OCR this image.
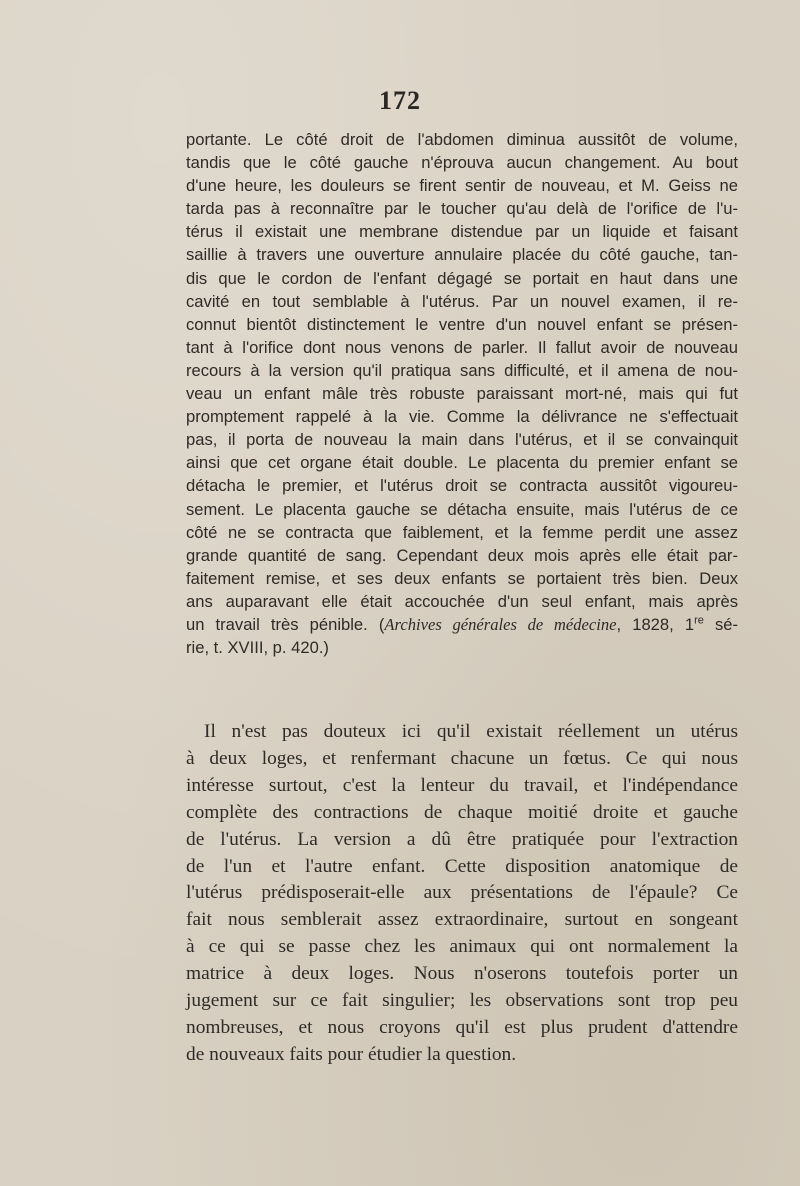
172
portante. Le côté droit de l'abdomen diminua aussitôt de volume,
tandis que le côté gauche n'éprouva aucun changement. Au bout
d'une heure, les douleurs se firent sentir de nouveau, et M. Geiss ne
tarda pas à reconnaître par le toucher qu'au delà de l'orifice de l'u-
térus il existait une membrane distendue par un liquide et faisant
saillie à travers une ouverture annulaire placée du côté gauche, tan-
dis que le cordon de l'enfant dégagé se portait en haut dans une
cavité en tout semblable à l'utérus. Par un nouvel examen, il re-
connut bientôt distinctement le ventre d'un nouvel enfant se présen-
tant à l'orifice dont nous venons de parler. Il fallut avoir de nouveau
recours à la version qu'il pratiqua sans difficulté, et il amena de nou-
veau un enfant mâle très robuste paraissant mort-né, mais qui fut
promptement rappelé à la vie. Comme la délivrance ne s'effectuait
pas, il porta de nouveau la main dans l'utérus, et il se convainquit
ainsi que cet organe était double. Le placenta du premier enfant se
détacha le premier, et l'utérus droit se contracta aussitôt vigoureu-
sement. Le placenta gauche se détacha ensuite, mais l'utérus de ce
côté ne se contracta que faiblement, et la femme perdit une assez
grande quantité de sang. Cependant deux mois après elle était par-
faitement remise, et ses deux enfants se portaient très bien. Deux
ans auparavant elle était accouchée d'un seul enfant, mais après
un travail très pénible. (Archives générales de médecine, 1828, 1re sé-
rie, t. XVIII, p. 420.)
Il n'est pas douteux ici qu'il existait réellement un utérus
à deux loges, et renfermant chacune un fœtus. Ce qui nous
intéresse surtout, c'est la lenteur du travail, et l'indépendance
complète des contractions de chaque moitié droite et gauche
de l'utérus. La version a dû être pratiquée pour l'extraction
de l'un et l'autre enfant. Cette disposition anatomique de
l'utérus prédisposerait-elle aux présentations de l'épaule? Ce
fait nous semblerait assez extraordinaire, surtout en songeant
à ce qui se passe chez les animaux qui ont normalement la
matrice à deux loges. Nous n'oserons toutefois porter un
jugement sur ce fait singulier; les observations sont trop peu
nombreuses, et nous croyons qu'il est plus prudent d'attendre
de nouveaux faits pour étudier la question.
